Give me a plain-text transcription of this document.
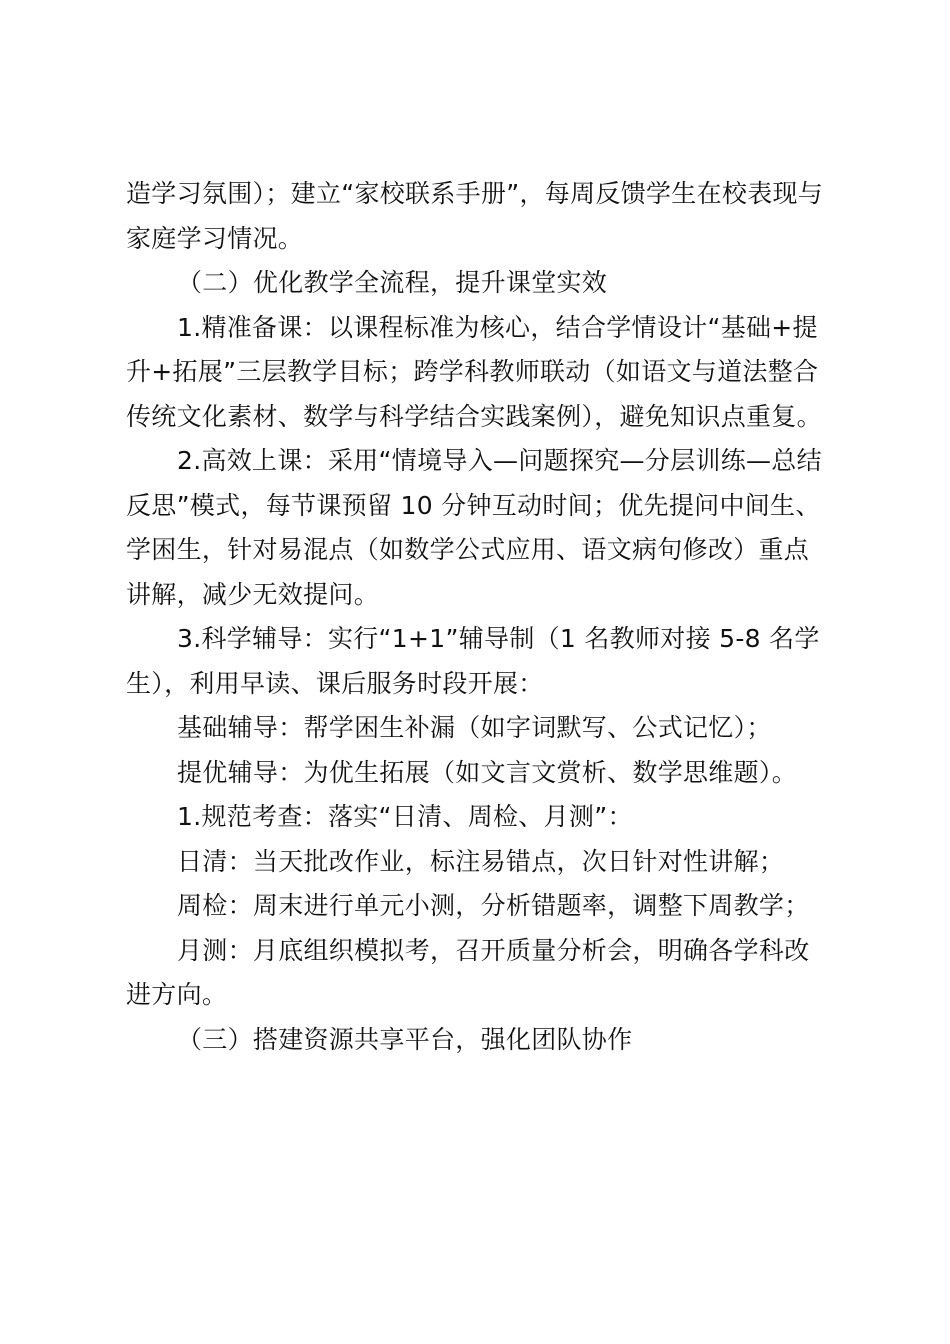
造学习氛围）；建立“家校联系手册”，每周反馈学生在校表现与家庭学习情况。

（二）优化教学全流程，提升课堂实效

1.精准备课：以课程标准为核心，结合学情设计“基础+提升+拓展”三层教学目标；跨学科教师联动（如语文与道法整合传统文化素材、数学与科学结合实践案例），避免知识点重复。

2.高效上课：采用“情境导入—问题探究—分层训练—总结反思”模式，每节课预留 10 分钟互动时间；优先提问中间生、学困生，针对易混点（如数学公式应用、语文病句修改）重点讲解，减少无效提问。

3.科学辅导：实行“1+1”辅导制（1 名教师对接 5-8 名学生），利用早读、课后服务时段开展：

基础辅导：帮学困生补漏（如字词默写、公式记忆）；

提优辅导：为优生拓展（如文言文赏析、数学思维题）。

1.规范考查：落实“日清、周检、月测”：

日清：当天批改作业，标注易错点，次日针对性讲解；

周检：周末进行单元小测，分析错题率，调整下周教学；

月测：月底组织模拟考，召开质量分析会，明确各学科改进方向。

（三）搭建资源共享平台，强化团队协作
